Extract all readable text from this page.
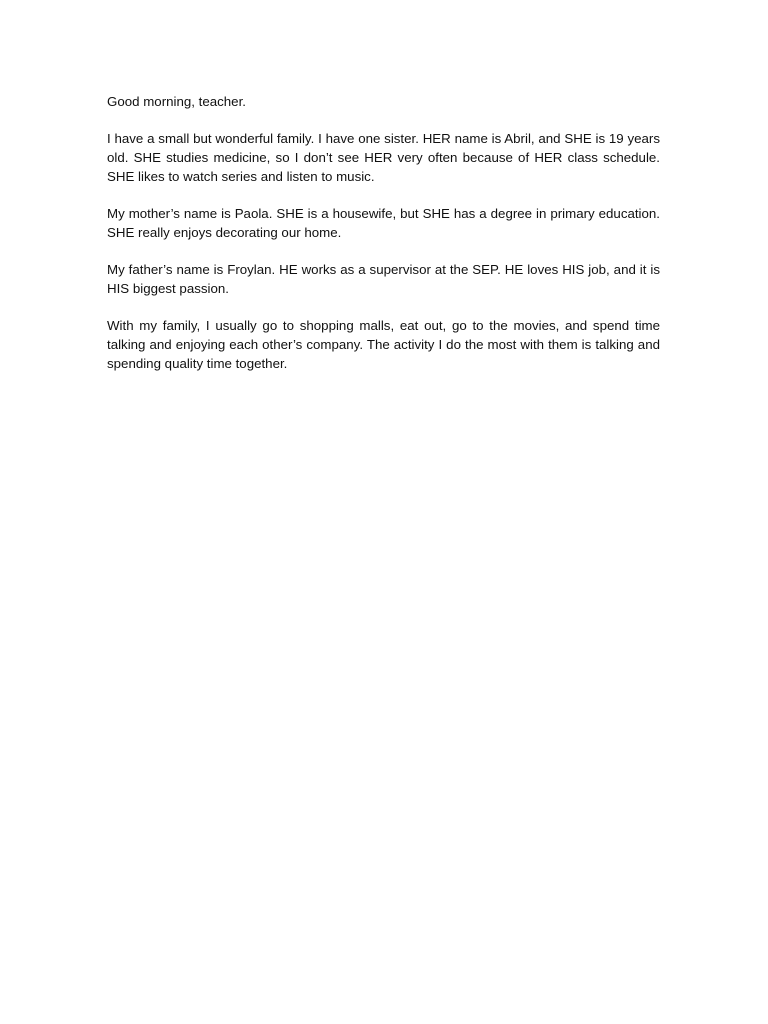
Good morning, teacher.

I have a small but wonderful family. I have one sister. HER name is Abril, and SHE is 19 years old. SHE studies medicine, so I don’t see HER very often because of HER class schedule. SHE likes to watch series and listen to music.

My mother’s name is Paola. SHE is a housewife, but SHE has a degree in primary education. SHE really enjoys decorating our home.

My father’s name is Froylan. HE works as a supervisor at the SEP. HE loves HIS job, and it is HIS biggest passion.

With my family, I usually go to shopping malls, eat out, go to the movies, and spend time talking and enjoying each other’s company. The activity I do the most with them is talking and spending quality time together.
